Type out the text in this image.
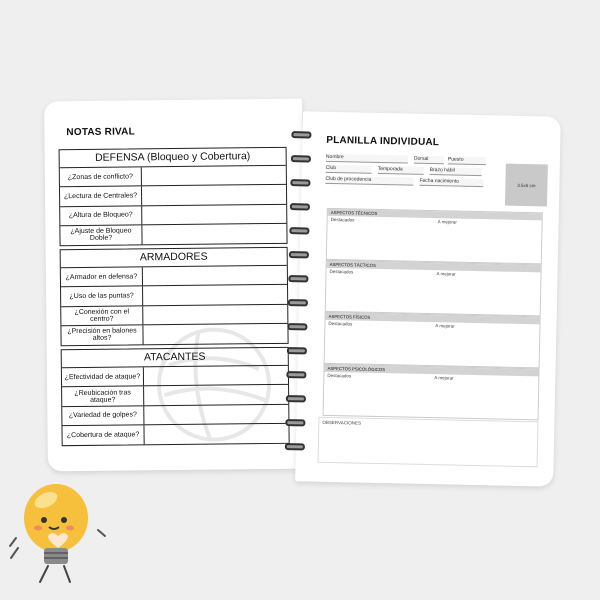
NOTAS RIVAL
DEFENSA (Bloqueo y Cobertura)
¿Zonas de conflicto?
¿Lectura de Centrales?
¿Altura de Bloqueo?
¿Ajuste de Bloqueo Doble?
ARMADORES
¿Armador en defensa?
¿Uso de las puntas?
¿Conexión con el centro?
¿Precisión en balones altos?
ATACANTES
¿Efectividad de ataque?
¿Reubicación tras ataque?
¿Variedad de golpes?
¿Cobertura de ataque?
PLANILLA INDIVIDUAL
Nombre	Dorsal	Puesto
Club	Temporada	Brazo hábil
Club de procedencia	Fecha nacimiento
3.5x5 cm
ASPECTOS TÉCNICOS
Destacados	A mejorar
ASPECTOS TÁCTICOS
Destacados	A mejorar
ASPECTOS FÍSICOS
Destacados	A mejorar
ASPECTOS PSICOLÓGICOS
Destacados	A mejorar
OBSERVACIONES
